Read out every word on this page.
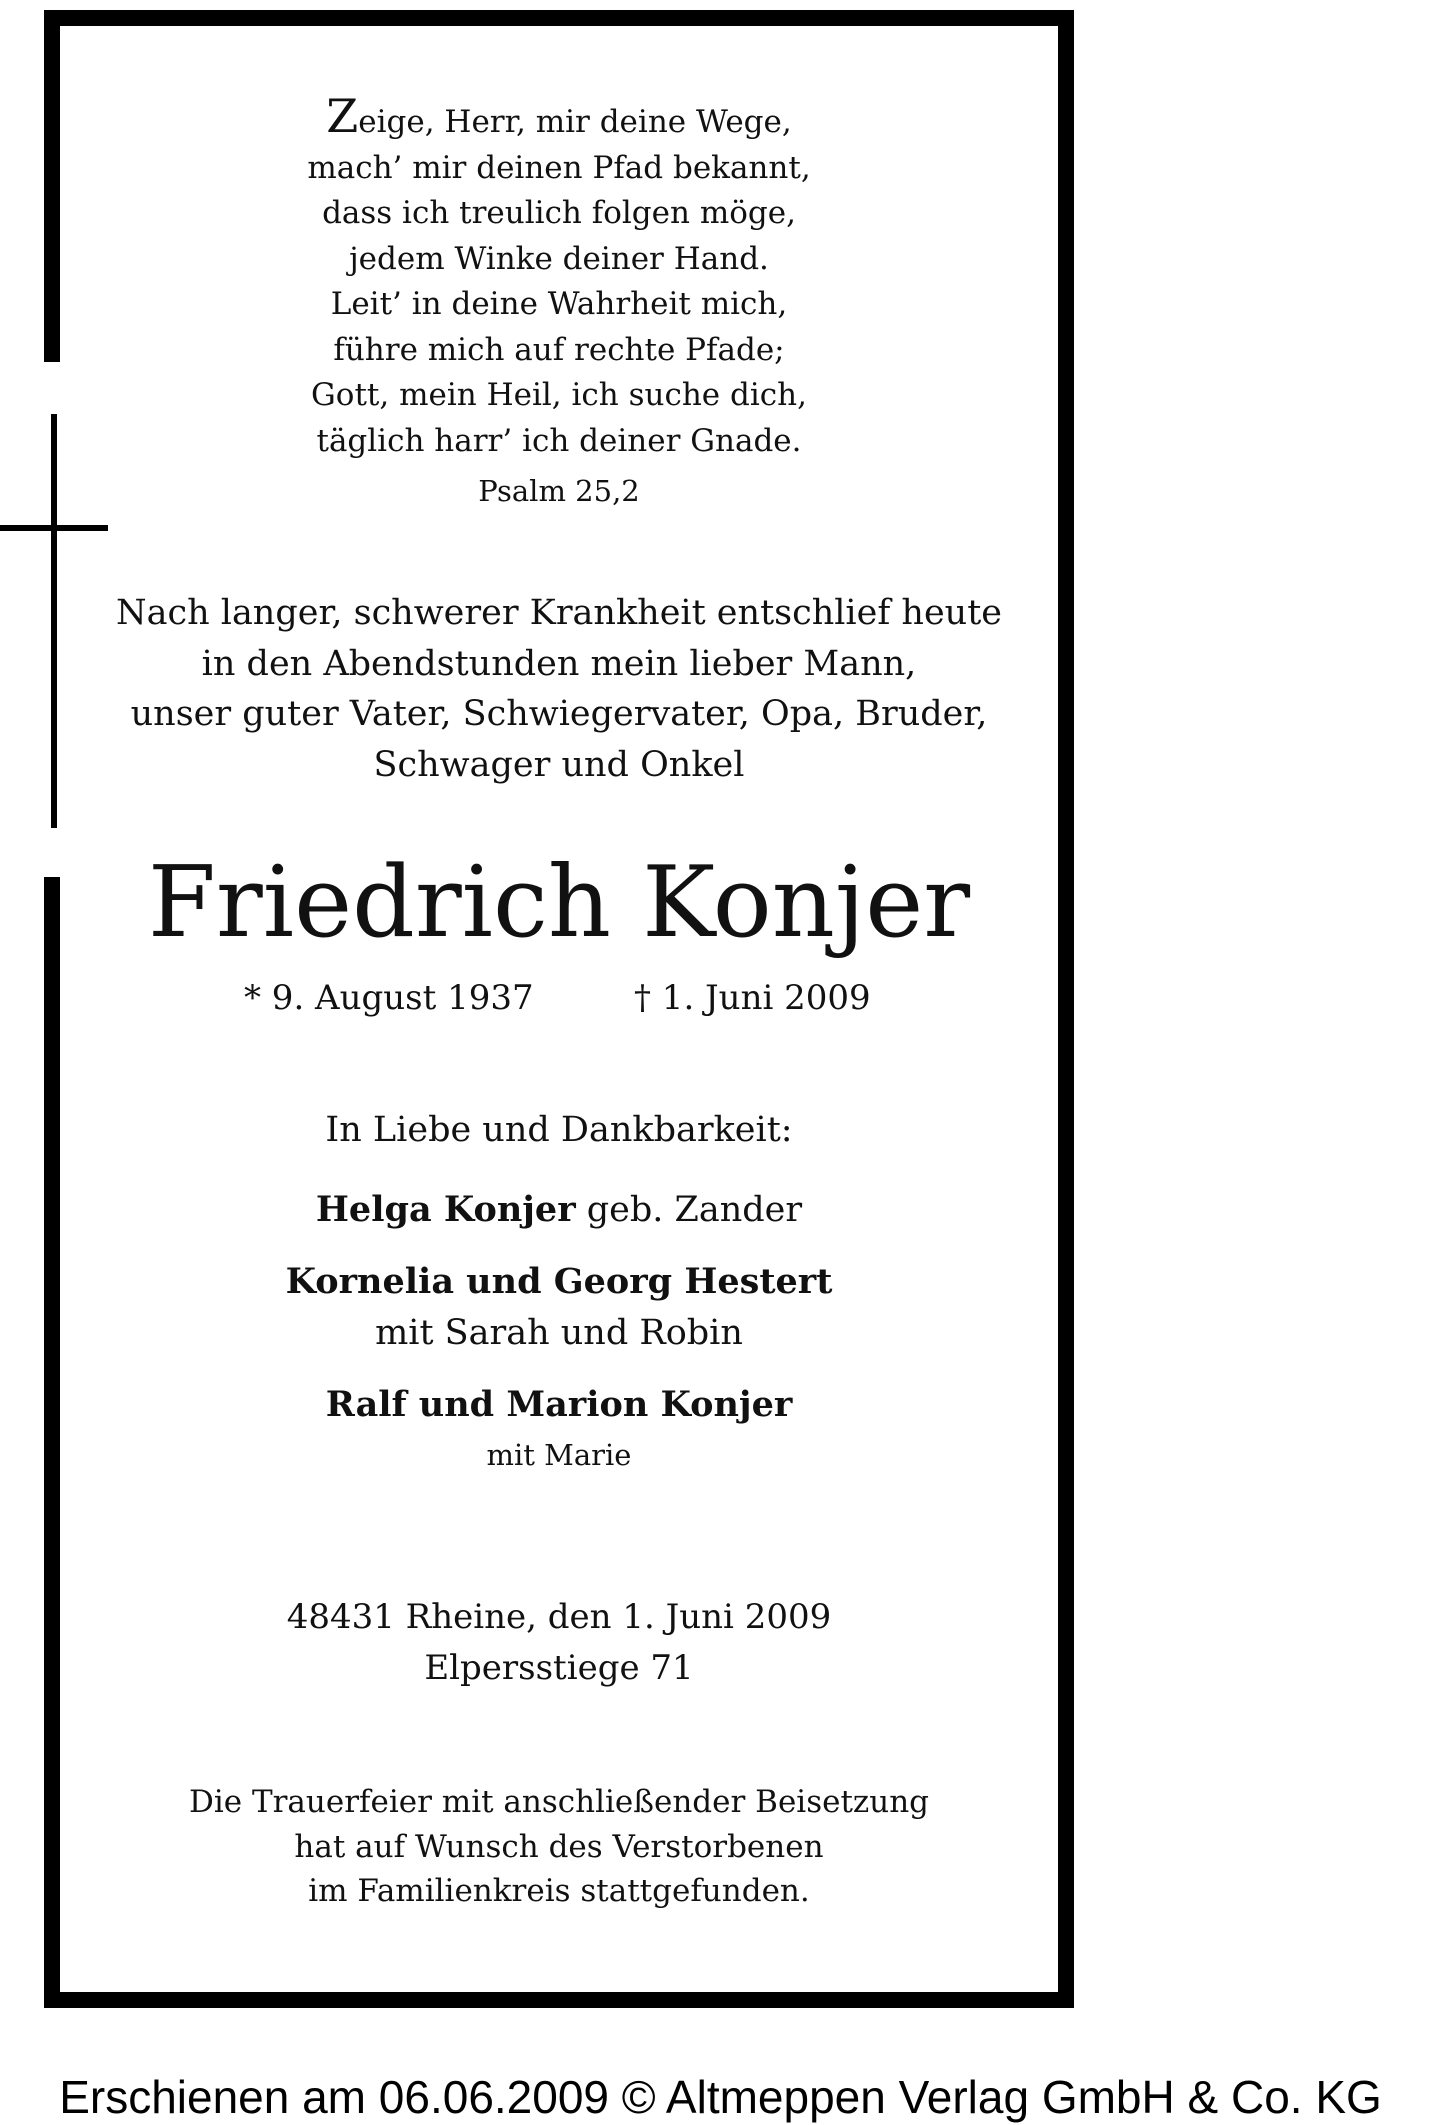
Zeige, Herr, mir deine Wege,
mach’ mir deinen Pfad bekannt,
dass ich treulich folgen möge,
jedem Winke deiner Hand.
Leit’ in deine Wahrheit mich,
führe mich auf rechte Pfade;
Gott, mein Heil, ich suche dich,
täglich harr’ ich deiner Gnade.
Psalm 25,2
Nach langer, schwerer Krankheit entschlief heute
in den Abendstunden mein lieber Mann,
unser guter Vater, Schwiegervater, Opa, Bruder,
Schwager und Onkel
Friedrich Konjer
* 9. August 1937	† 1. Juni 2009
In Liebe und Dankbarkeit:
Helga Konjer geb. Zander
Kornelia und Georg Hestert
mit Sarah und Robin
Ralf und Marion Konjer
mit Marie
48431 Rheine, den 1. Juni 2009
Elpersstiege 71
Die Trauerfeier mit anschließender Beisetzung
hat auf Wunsch des Verstorbenen
im Familienkreis stattgefunden.
Erschienen am 06.06.2009 © Altmeppen Verlag GmbH & Co. KG
